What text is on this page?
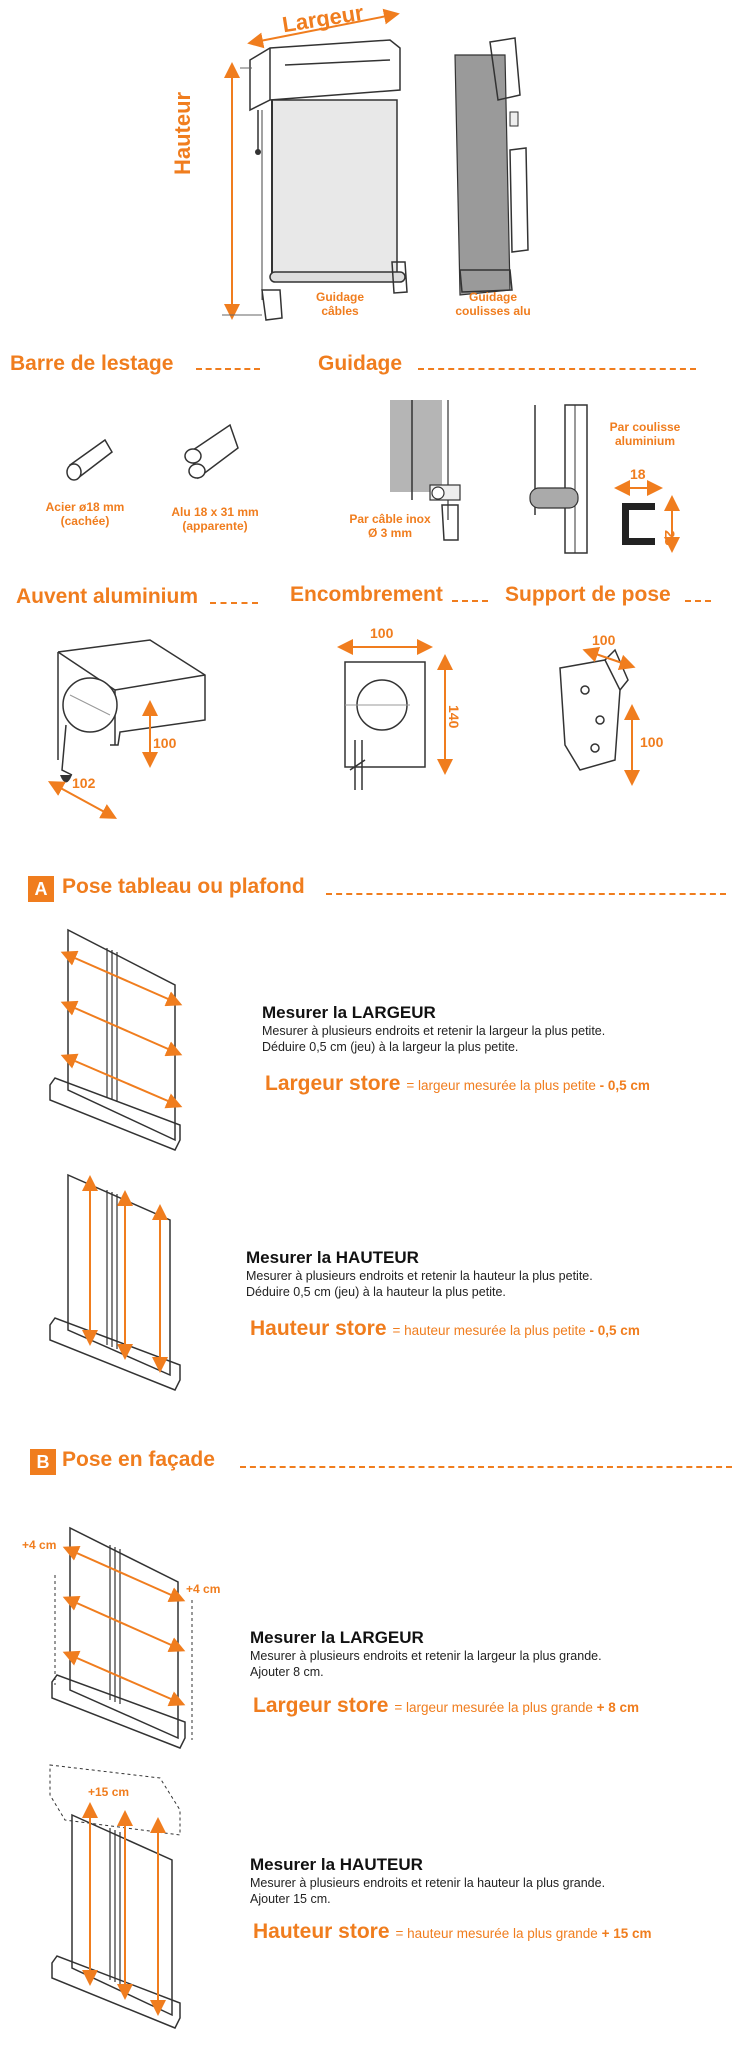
Largeur
Hauteur
Guidage
câbles
Guidage
coulisses alu
Barre de lestage	Guidage
Acier ø18 mm
(cachée)
Alu 18 x 31 mm
(apparente)	Par câble inox
Ø 3 mm
Par coulisse
aluminium
18
25
Auvent aluminium	Encombrement	Support de pose
100
102
100
140
100
100
A Pose tableau ou plafond
Mesurer la LARGEUR
Mesurer à plusieurs endroits et retenir la largeur la plus petite.
Déduire 0,5 cm (jeu) à la largeur la plus petite.
Largeur store = largeur mesurée la plus petite - 0,5 cm
Mesurer la HAUTEUR
Mesurer à plusieurs endroits et retenir la hauteur la plus petite.
Déduire 0,5 cm (jeu) à la hauteur la plus petite.
Hauteur store = hauteur mesurée la plus petite - 0,5 cm
B Pose en façade
+4 cm
+4 cm
+15 cm
Mesurer la LARGEUR
Mesurer à plusieurs endroits et retenir la largeur la plus grande.
Ajouter 8 cm.
Largeur store = largeur mesurée la plus grande + 8 cm
Mesurer la HAUTEUR
Mesurer à plusieurs endroits et retenir la hauteur la plus grande.
Ajouter 15 cm.
Hauteur store = hauteur mesurée la plus grande + 15 cm
